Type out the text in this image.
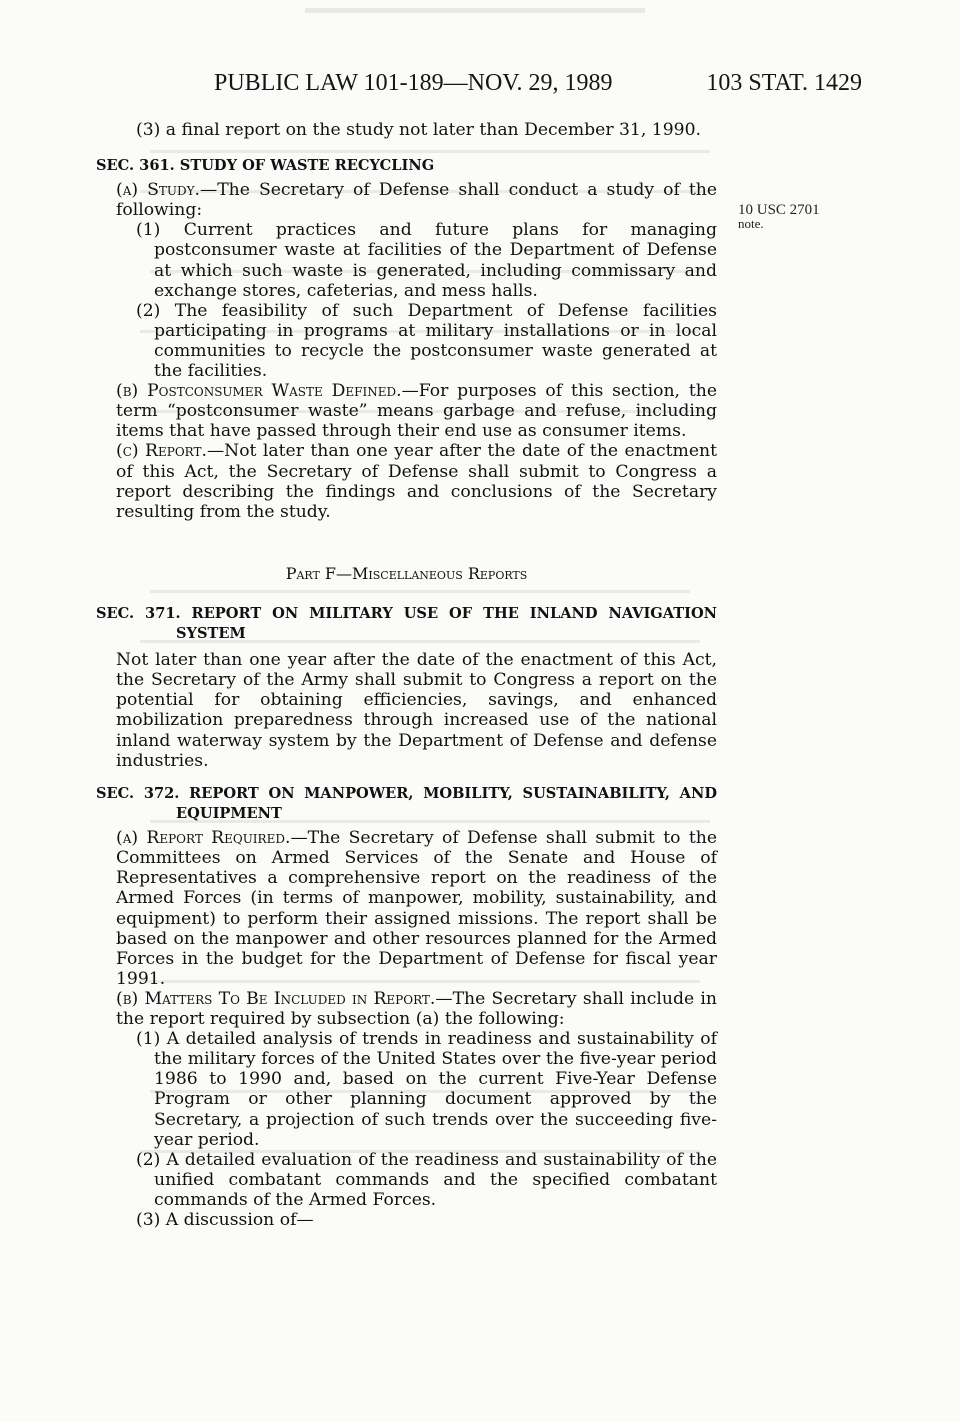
PUBLIC LAW 101-189—NOV. 29, 1989	103 STAT. 1429
10 USC 2701
note.

(3) a final report on the study not later than December 31, 1990.

SEC. 361. STUDY OF WASTE RECYCLING

(a) Study.—The Secretary of Defense shall conduct a study of the following:

(1) Current practices and future plans for managing postconsumer waste at facilities of the Department of Defense at which such waste is generated, including commissary and exchange stores, cafeterias, and mess halls.

(2) The feasibility of such Department of Defense facilities participating in programs at military installations or in local communities to recycle the postconsumer waste generated at the facilities.

(b) Postconsumer Waste Defined.—For purposes of this section, the term “postconsumer waste” means garbage and refuse, including items that have passed through their end use as consumer items.

(c) Report.—Not later than one year after the date of the enactment of this Act, the Secretary of Defense shall submit to Congress a report describing the findings and conclusions of the Secretary resulting from the study.

Part F—Miscellaneous Reports

SEC. 371. REPORT ON MILITARY USE OF THE INLAND NAVIGATION SYSTEM

Not later than one year after the date of the enactment of this Act, the Secretary of the Army shall submit to Congress a report on the potential for obtaining efficiencies, savings, and enhanced mobilization preparedness through increased use of the national inland waterway system by the Department of Defense and defense industries.

SEC. 372. REPORT ON MANPOWER, MOBILITY, SUSTAINABILITY, AND EQUIPMENT

(a) Report Required.—The Secretary of Defense shall submit to the Committees on Armed Services of the Senate and House of Representatives a comprehensive report on the readiness of the Armed Forces (in terms of manpower, mobility, sustainability, and equipment) to perform their assigned missions. The report shall be based on the manpower and other resources planned for the Armed Forces in the budget for the Department of Defense for fiscal year 1991.

(b) Matters To Be Included in Report.—The Secretary shall include in the report required by subsection (a) the following:

(1) A detailed analysis of trends in readiness and sustainability of the military forces of the United States over the five-year period 1986 to 1990 and, based on the current Five-Year Defense Program or other planning document approved by the Secretary, a projection of such trends over the succeeding five-year period.

(2) A detailed evaluation of the readiness and sustainability of the unified combatant commands and the specified combatant commands of the Armed Forces.

(3) A discussion of—
